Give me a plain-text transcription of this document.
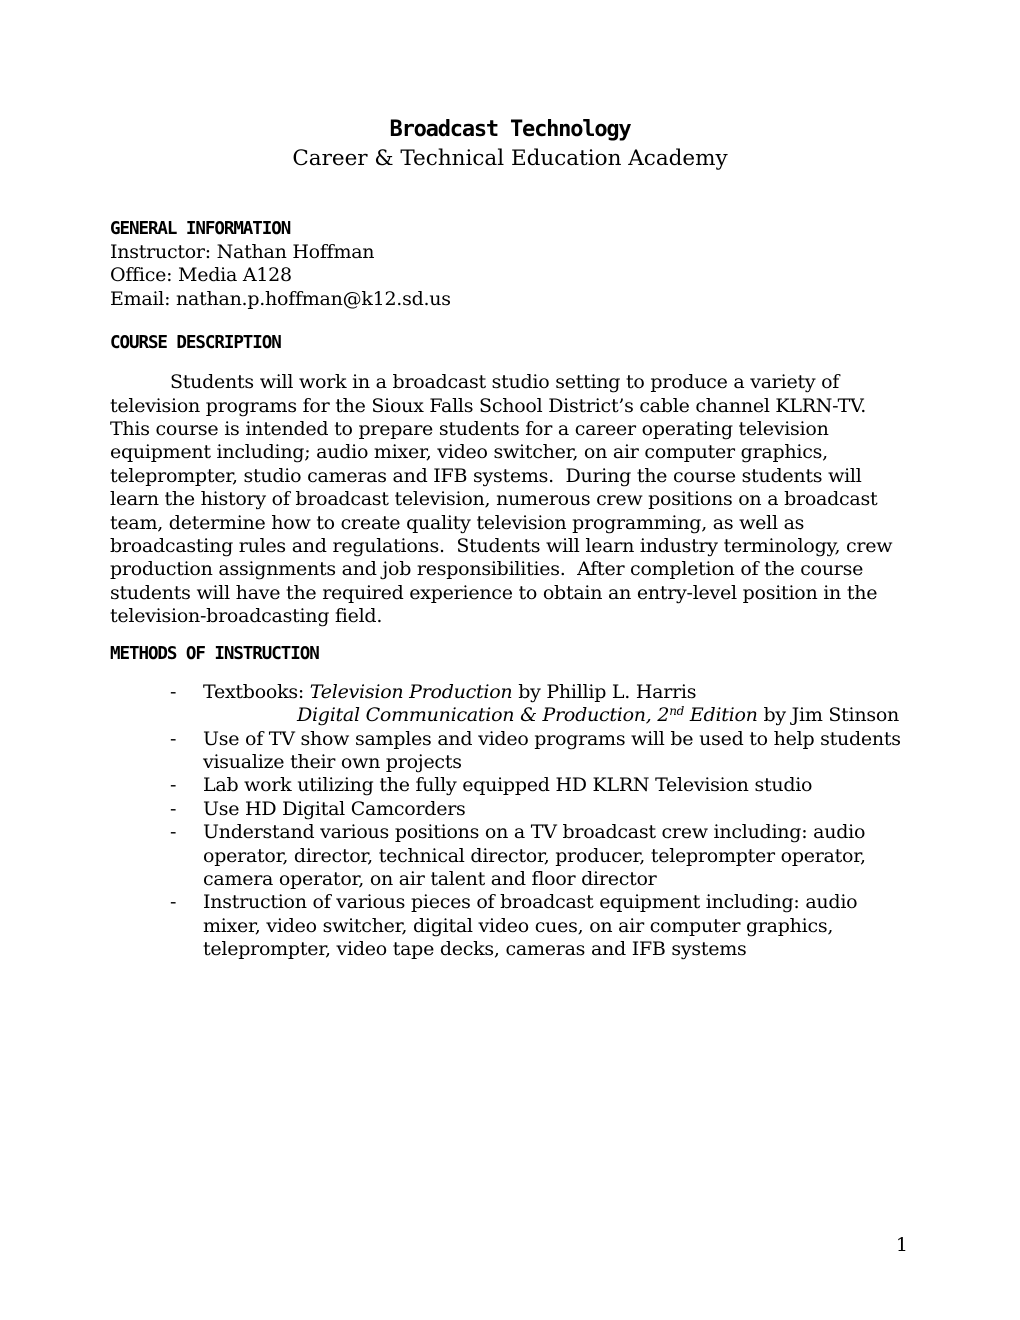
Broadcast Technology
Career & Technical Education Academy
GENERAL INFORMATION

Instructor: Nathan Hoffman

Office: Media A128

Email: nathan.p.hoffman@k12.sd.us

COURSE DESCRIPTION

Students will work in a broadcast studio setting to produce a variety of television programs for the Sioux Falls School District’s cable channel KLRN-TV.  This course is intended to prepare students for a career operating television equipment including; audio mixer, video switcher, on air computer graphics, teleprompter, studio cameras and IFB systems.  During the course students will learn the history of broadcast television, numerous crew positions on a broadcast team, determine how to create quality television programming, as well as broadcasting rules and regulations.  Students will learn industry terminology, crew production assignments and job responsibilities.  After completion of the course students will have the required experience to obtain an entry-level position in the television-broadcasting field.

METHODS OF INSTRUCTION
-	Textbooks: Television Production by Phillip L. Harris
Digital Communication & Production, 2nd Edition by Jim Stinson
-	Use of TV show samples and video programs will be used to help students visualize their own projects
-	Lab work utilizing the fully equipped HD KLRN Television studio
-	Use HD Digital Camcorders
-	Understand various positions on a TV broadcast crew including: audio operator, director, technical director, producer, teleprompter operator, camera operator, on air talent and floor director
-	Instruction of various pieces of broadcast equipment including: audio mixer, video switcher, digital video cues, on air computer graphics, teleprompter, video tape decks, cameras and IFB systems
1
